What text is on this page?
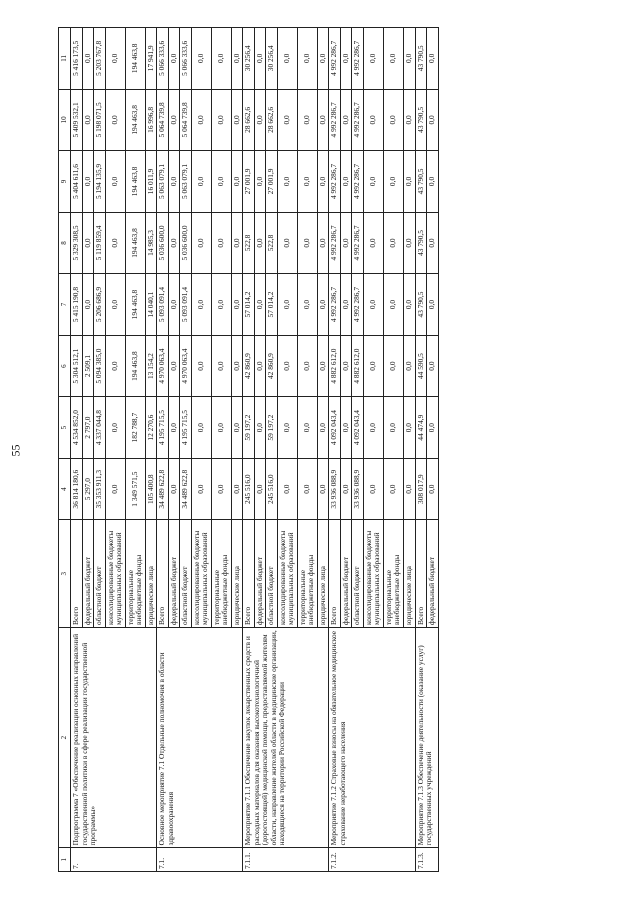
55
1	2	3	4	5	6	7	8	9	10	11
7.	Подпрограмма 7 «Обеспечение реализации основных направлений государственной политики в сфере реализации государственной программы»	Всего	36 814 180,6	4 534 852,0	5 304 512,1	5 415 190,8	5 329 308,5	5 404 611,6	5 409 532,1	5 416 173,5
		федеральный бюджет	5 297,0	2 797,0	2 509,1	0,0	0,0	0,0	0,0	0,0
		областной бюджет	35 353 911,3	4 337 044,8	5 094 385,0	5 206 686,9	5 119 859,4	5 194 135,9	5 198 071,5	5 203 767,8
		консолидированные бюджеты муниципальных образований	0,0	0,0	0,0	0,0	0,0	0,0	0,0	0,0
		территориальные внебюджетные фонды	1 349 571,5	182 788,7	194 463,8	194 463,8	194 463,8	194 463,8	194 463,8	194 463,8
		юридические лица	105 400,8	12 270,6	13 154,2	14 040,1	14 985,3	16 011,9	16 996,8	17 941,9
7.1.	Основное мероприятие 7.1 Отдельные полномочия в области здравоохранения	Всего	34 489 622,8	4 195 715,5	4 970 063,4	5 093 091,4	5 036 600,0	5 063 079,1	5 064 739,8	5 066 333,6
		федеральный бюджет	0,0	0,0	0,0	0,0	0,0	0,0	0,0	0,0
		областной бюджет	34 489 622,8	4 195 715,5	4 970 063,4	5 093 091,4	5 036 600,0	5 063 079,1	5 064 739,8	5 066 333,6
		консолидированные бюджеты муниципальных образований	0,0	0,0	0,0	0,0	0,0	0,0	0,0	0,0
		территориальные внебюджетные фонды	0,0	0,0	0,0	0,0	0,0	0,0	0,0	0,0
		юридические лица	0,0	0,0	0,0	0,0	0,0	0,0	0,0	0,0
7.1.1.	Мероприятие 7.1.1 Обеспечение закупок лекарственных средств и расходных материалов для оказания высокотехнологичной (дорогостоящей) медицинской помощи, предоставляемой жителям области, направление жителей области в медицинские организации, находящиеся на территории Российской Федерации	Всего	245 516,0	59 197,2	42 860,9	57 014,2	522,8	27 001,9	28 662,6	30 256,4
		федеральный бюджет	0,0	0,0	0,0	0,0	0,0	0,0	0,0	0,0
		областной бюджет	245 516,0	59 197,2	42 860,9	57 014,2	522,8	27 001,9	28 662,6	30 256,4
		консолидированные бюджеты муниципальных образований	0,0	0,0	0,0	0,0	0,0	0,0	0,0	0,0
		территориальные внебюджетные фонды	0,0	0,0	0,0	0,0	0,0	0,0	0,0	0,0
		юридические лица	0,0	0,0	0,0	0,0	0,0	0,0	0,0	0,0
7.1.2.	Мероприятие 7.1.2 Страховые взносы на обязательное медицинское страхование неработающего населения	Всего	33 936 088,9	4 092 043,4	4 882 612,0	4 992 286,7	4 992 286,7	4 992 286,7	4 992 286,7	4 992 286,7
		федеральный бюджет	0,0	0,0	0,0	0,0	0,0	0,0	0,0	0,0
		областной бюджет	33 936 088,9	4 092 043,4	4 882 612,0	4 992 286,7	4 992 286,7	4 992 286,7	4 992 286,7	4 992 286,7
		консолидированные бюджеты муниципальных образований	0,0	0,0	0,0	0,0	0,0	0,0	0,0	0,0
		территориальные внебюджетные фонды	0,0	0,0	0,0	0,0	0,0	0,0	0,0	0,0
		юридические лица	0,0	0,0	0,0	0,0	0,0	0,0	0,0	0,0
7.1.3.	Мероприятие 7.1.3 Обеспечение деятельности (оказание услуг) государственных учреждений	Всего	308 017,9	44 474,9	44 590,5	43 790,5	43 790,5	43 790,5	43 790,5	43 790,5
		федеральный бюджет	0,0	0,0	0,0	0,0	0,0	0,0	0,0	0,0
